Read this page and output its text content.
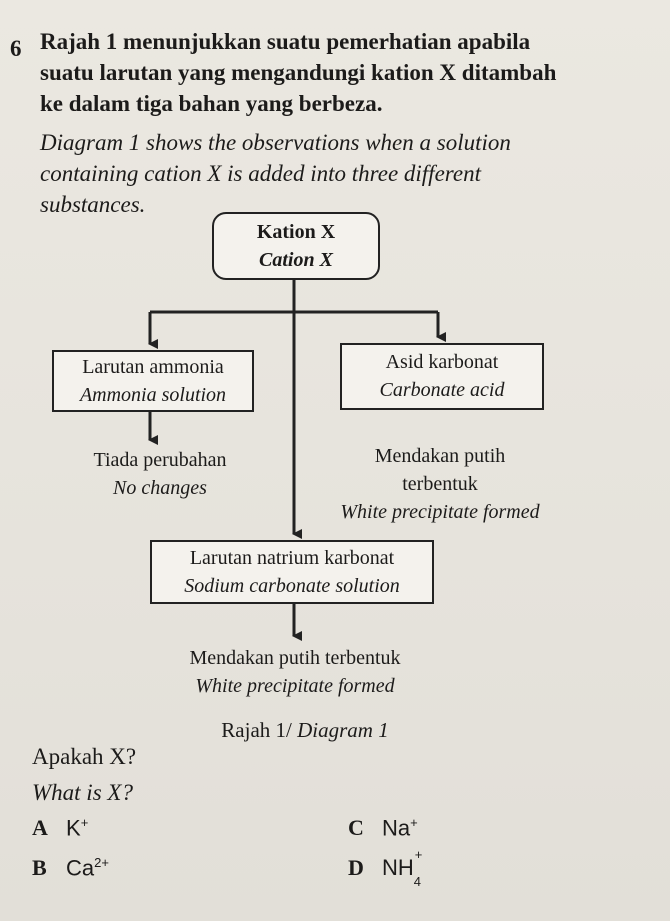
6 Rajah 1 menunjukkan suatu pemerhatian apabila
suatu larutan yang mengandungi kation X ditambah
ke dalam tiga bahan yang berbeza.
Diagram 1 shows the observations when a solution
containing cation X is added into three different
substances.
Kation X
Cation X
Larutan ammonia
Ammonia solution
Asid karbonat
Carbonate acid
Tiada perubahan
No changes
Mendakan putih
terbentuk
White precipitate formed
Larutan natrium karbonat
Sodium carbonate solution
Mendakan putih terbentuk
White precipitate formed
Rajah 1/ Diagram 1
Apakah X?
What is X?
A K+	C Na+
B $Ca^{2+}$	D NH
+
$_4$
